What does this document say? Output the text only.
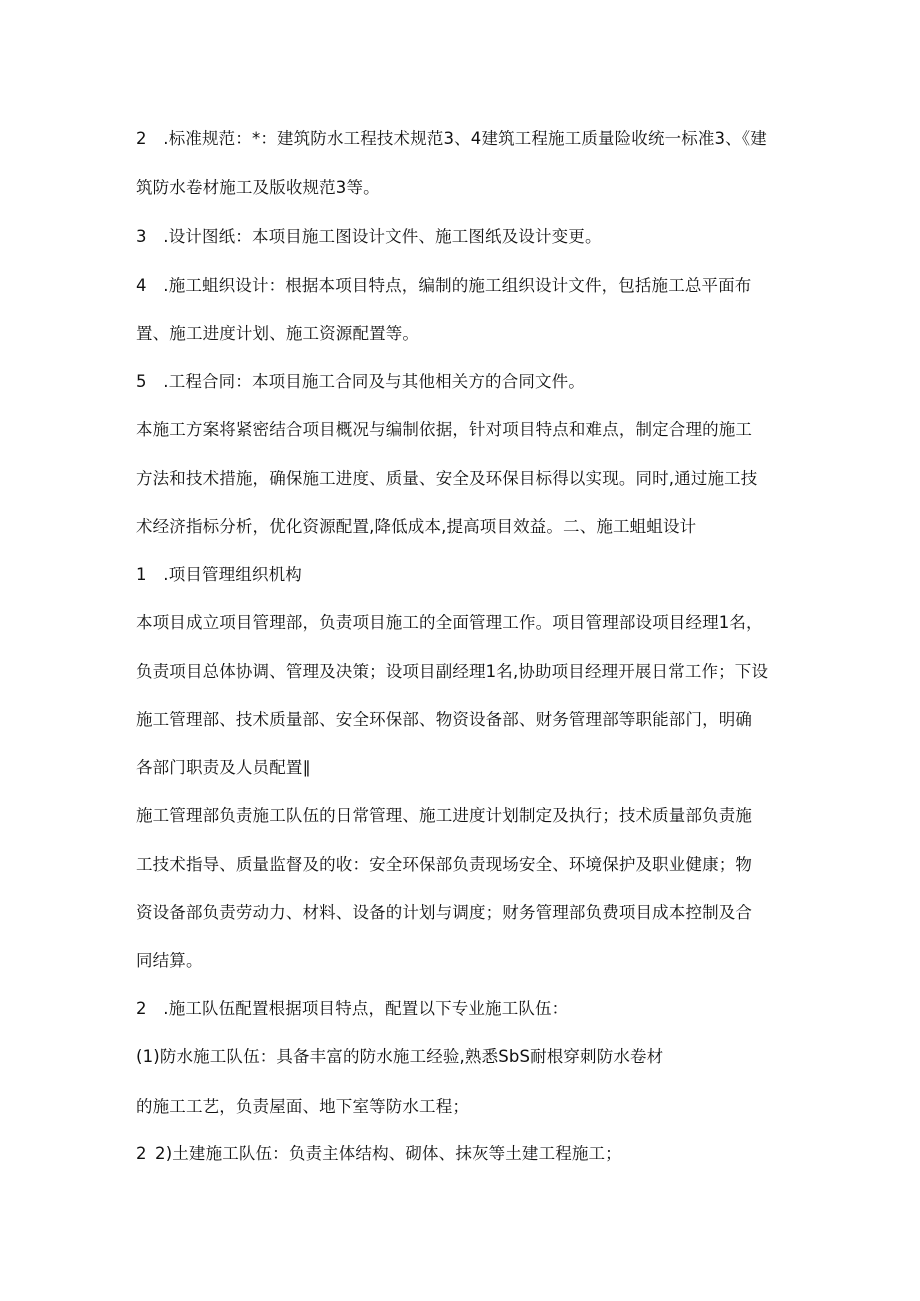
2　.标准规范：*：建筑防水工程技术规范3、4建筑工程施工质量险收统一标准3、《建
筑防水卷材施工及版收规范3等。
3　.设计图纸：本项目施工图设计文件、施工图纸及设计变更。
4　.施工蛆织设计：根据本项目特点，编制的施工组织设计文件，包括施工总平面布
置、施工进度计划、施工资源配置等。
5　.工程合同：本项目施工合同及与其他相关方的合同文件。
本施工方案将紧密结合项目概况与编制依据，针对项目特点和难点，制定合理的施工
方法和技术措施，确保施工进度、质量、安全及环保目标得以实现。同时,通过施工技
术经济指标分析，优化资源配置,降低成本,提高项目效益。二、施工蛆蛆设计
1　.项目管理组织机构
本项目成立项目管理部，负责项目施工的全面管理工作。项目管理部设项目经理1名，
负责项目总体协调、管理及决策；设项目副经理1名,协助项目经理开展日常工作；下设
施工管理部、技术质量部、安全环保部、物资设备部、财务管理部等职能部门，明确
各部门职责及人员配置∥
施工管理部负责施工队伍的日常管理、施工进度计划制定及执行；技术质量部负责施
工技术指导、质量监督及的收：安全环保部负责现场安全、环境保护及职业健康；物
资设备部负责劳动力、材料、设备的计划与调度；财务管理部负费项目成本控制及合
同结算。
2　.施工队伍配置根据项目特点，配置以下专业施工队伍：
(1)防水施工队伍：具备丰富的防水施工经验,熟悉SbS耐根穿刺防水卷材
的施工工艺，负责屋面、地下室等防水工程；
2 2)土建施工队伍：负责主体结构、砌体、抹灰等土建工程施工；
